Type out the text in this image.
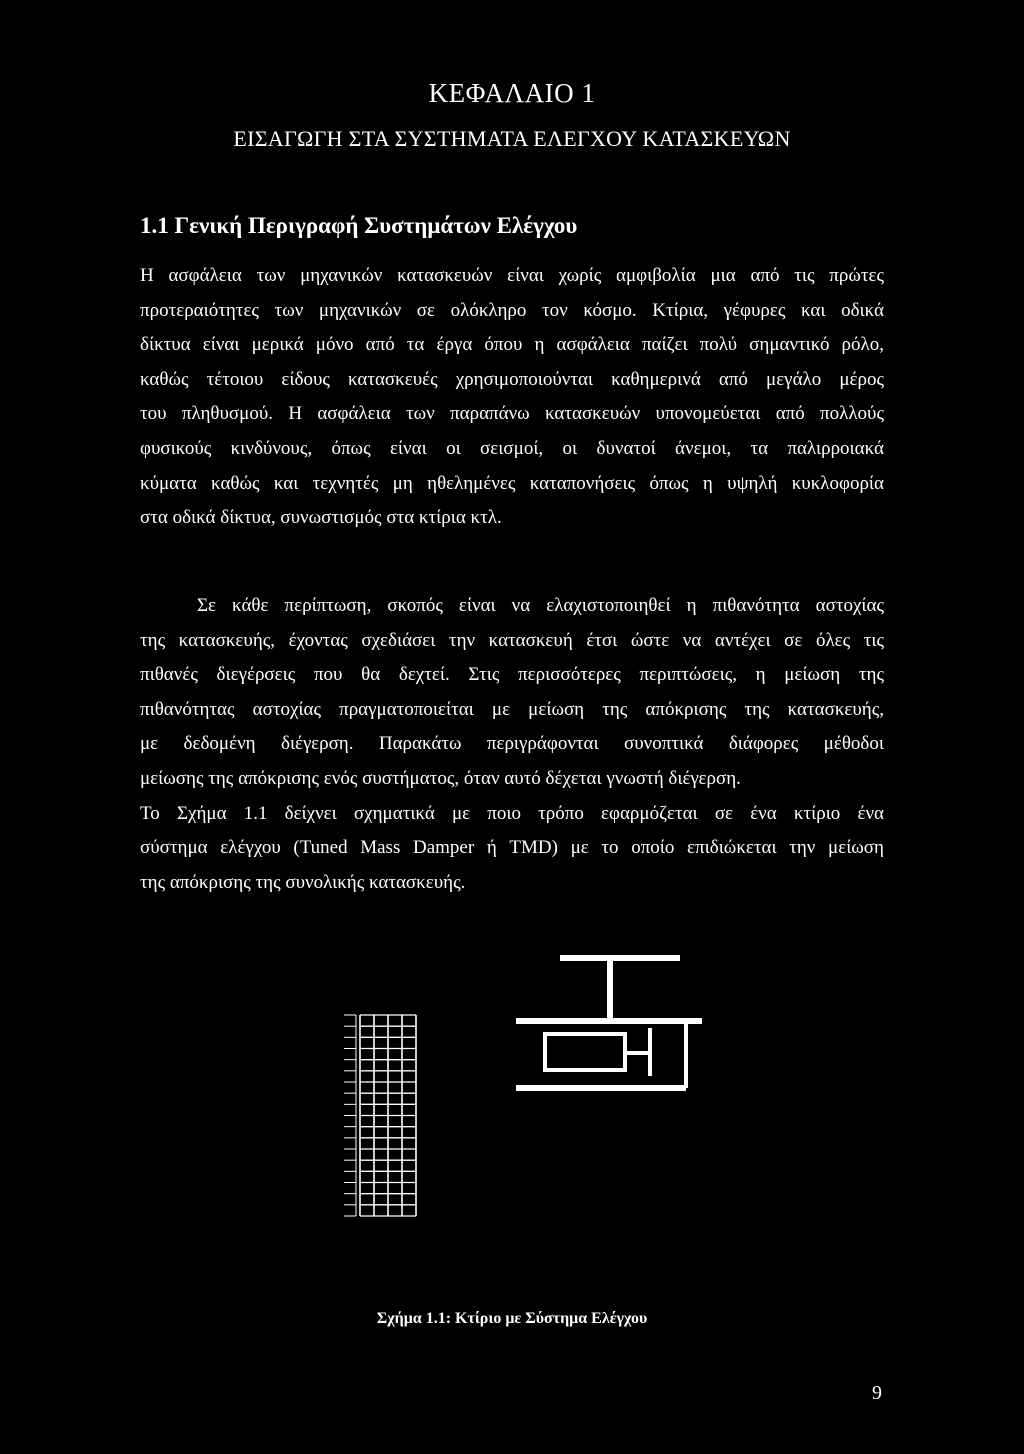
ΚΕΦΑΛΑΙΟ 1
ΕΙΣΑΓΩΓΗ ΣΤΑ ΣΥΣΤΗΜΑΤΑ ΕΛΕΓΧΟΥ ΚΑΤΑΣΚΕΥΩΝ
1.1 Γενική Περιγραφή Συστημάτων Ελέγχου
Η ασφάλεια των μηχανικών κατασκευών είναι χωρίς αμφιβολία μια από τις πρώτες
προτεραιότητες των μηχανικών σε ολόκληρο τον κόσμο. Κτίρια, γέφυρες και οδικά
δίκτυα είναι μερικά μόνο από τα έργα όπου η ασφάλεια παίζει πολύ σημαντικό ρόλο,
καθώς τέτοιου είδους κατασκευές χρησιμοποιούνται καθημερινά από μεγάλο μέρος
του πληθυσμού. Η ασφάλεια των παραπάνω κατασκευών υπονομεύεται από πολλούς
φυσικούς κινδύνους, όπως είναι οι σεισμοί, οι δυνατοί άνεμοι, τα παλιρροιακά
κύματα καθώς και τεχνητές μη ηθελημένες καταπονήσεις όπως η υψηλή κυκλοφορία
στα οδικά δίκτυα, συνωστισμός στα κτίρια κτλ.
Σε κάθε περίπτωση, σκοπός είναι να ελαχιστοποιηθεί η πιθανότητα αστοχίας
της κατασκευής, έχοντας σχεδιάσει την κατασκευή έτσι ώστε να αντέχει σε όλες τις
πιθανές διεγέρσεις που θα δεχτεί. Στις περισσότερες περιπτώσεις, η μείωση της
πιθανότητας αστοχίας πραγματοποιείται με μείωση της απόκρισης της κατασκευής,
με δεδομένη διέγερση. Παρακάτω περιγράφονται συνοπτικά διάφορες μέθοδοι
μείωσης της απόκρισης ενός συστήματος, όταν αυτό δέχεται γνωστή διέγερση.
Το Σχήμα 1.1 δείχνει σχηματικά με ποιο τρόπο εφαρμόζεται σε ένα κτίριο ένα
σύστημα ελέγχου (Tuned Mass Damper ή TMD) με το οποίο επιδιώκεται την μείωση
της απόκρισης της συνολικής κατασκευής.
Σχήμα 1.1: Κτίριο με Σύστημα Ελέγχου
9
